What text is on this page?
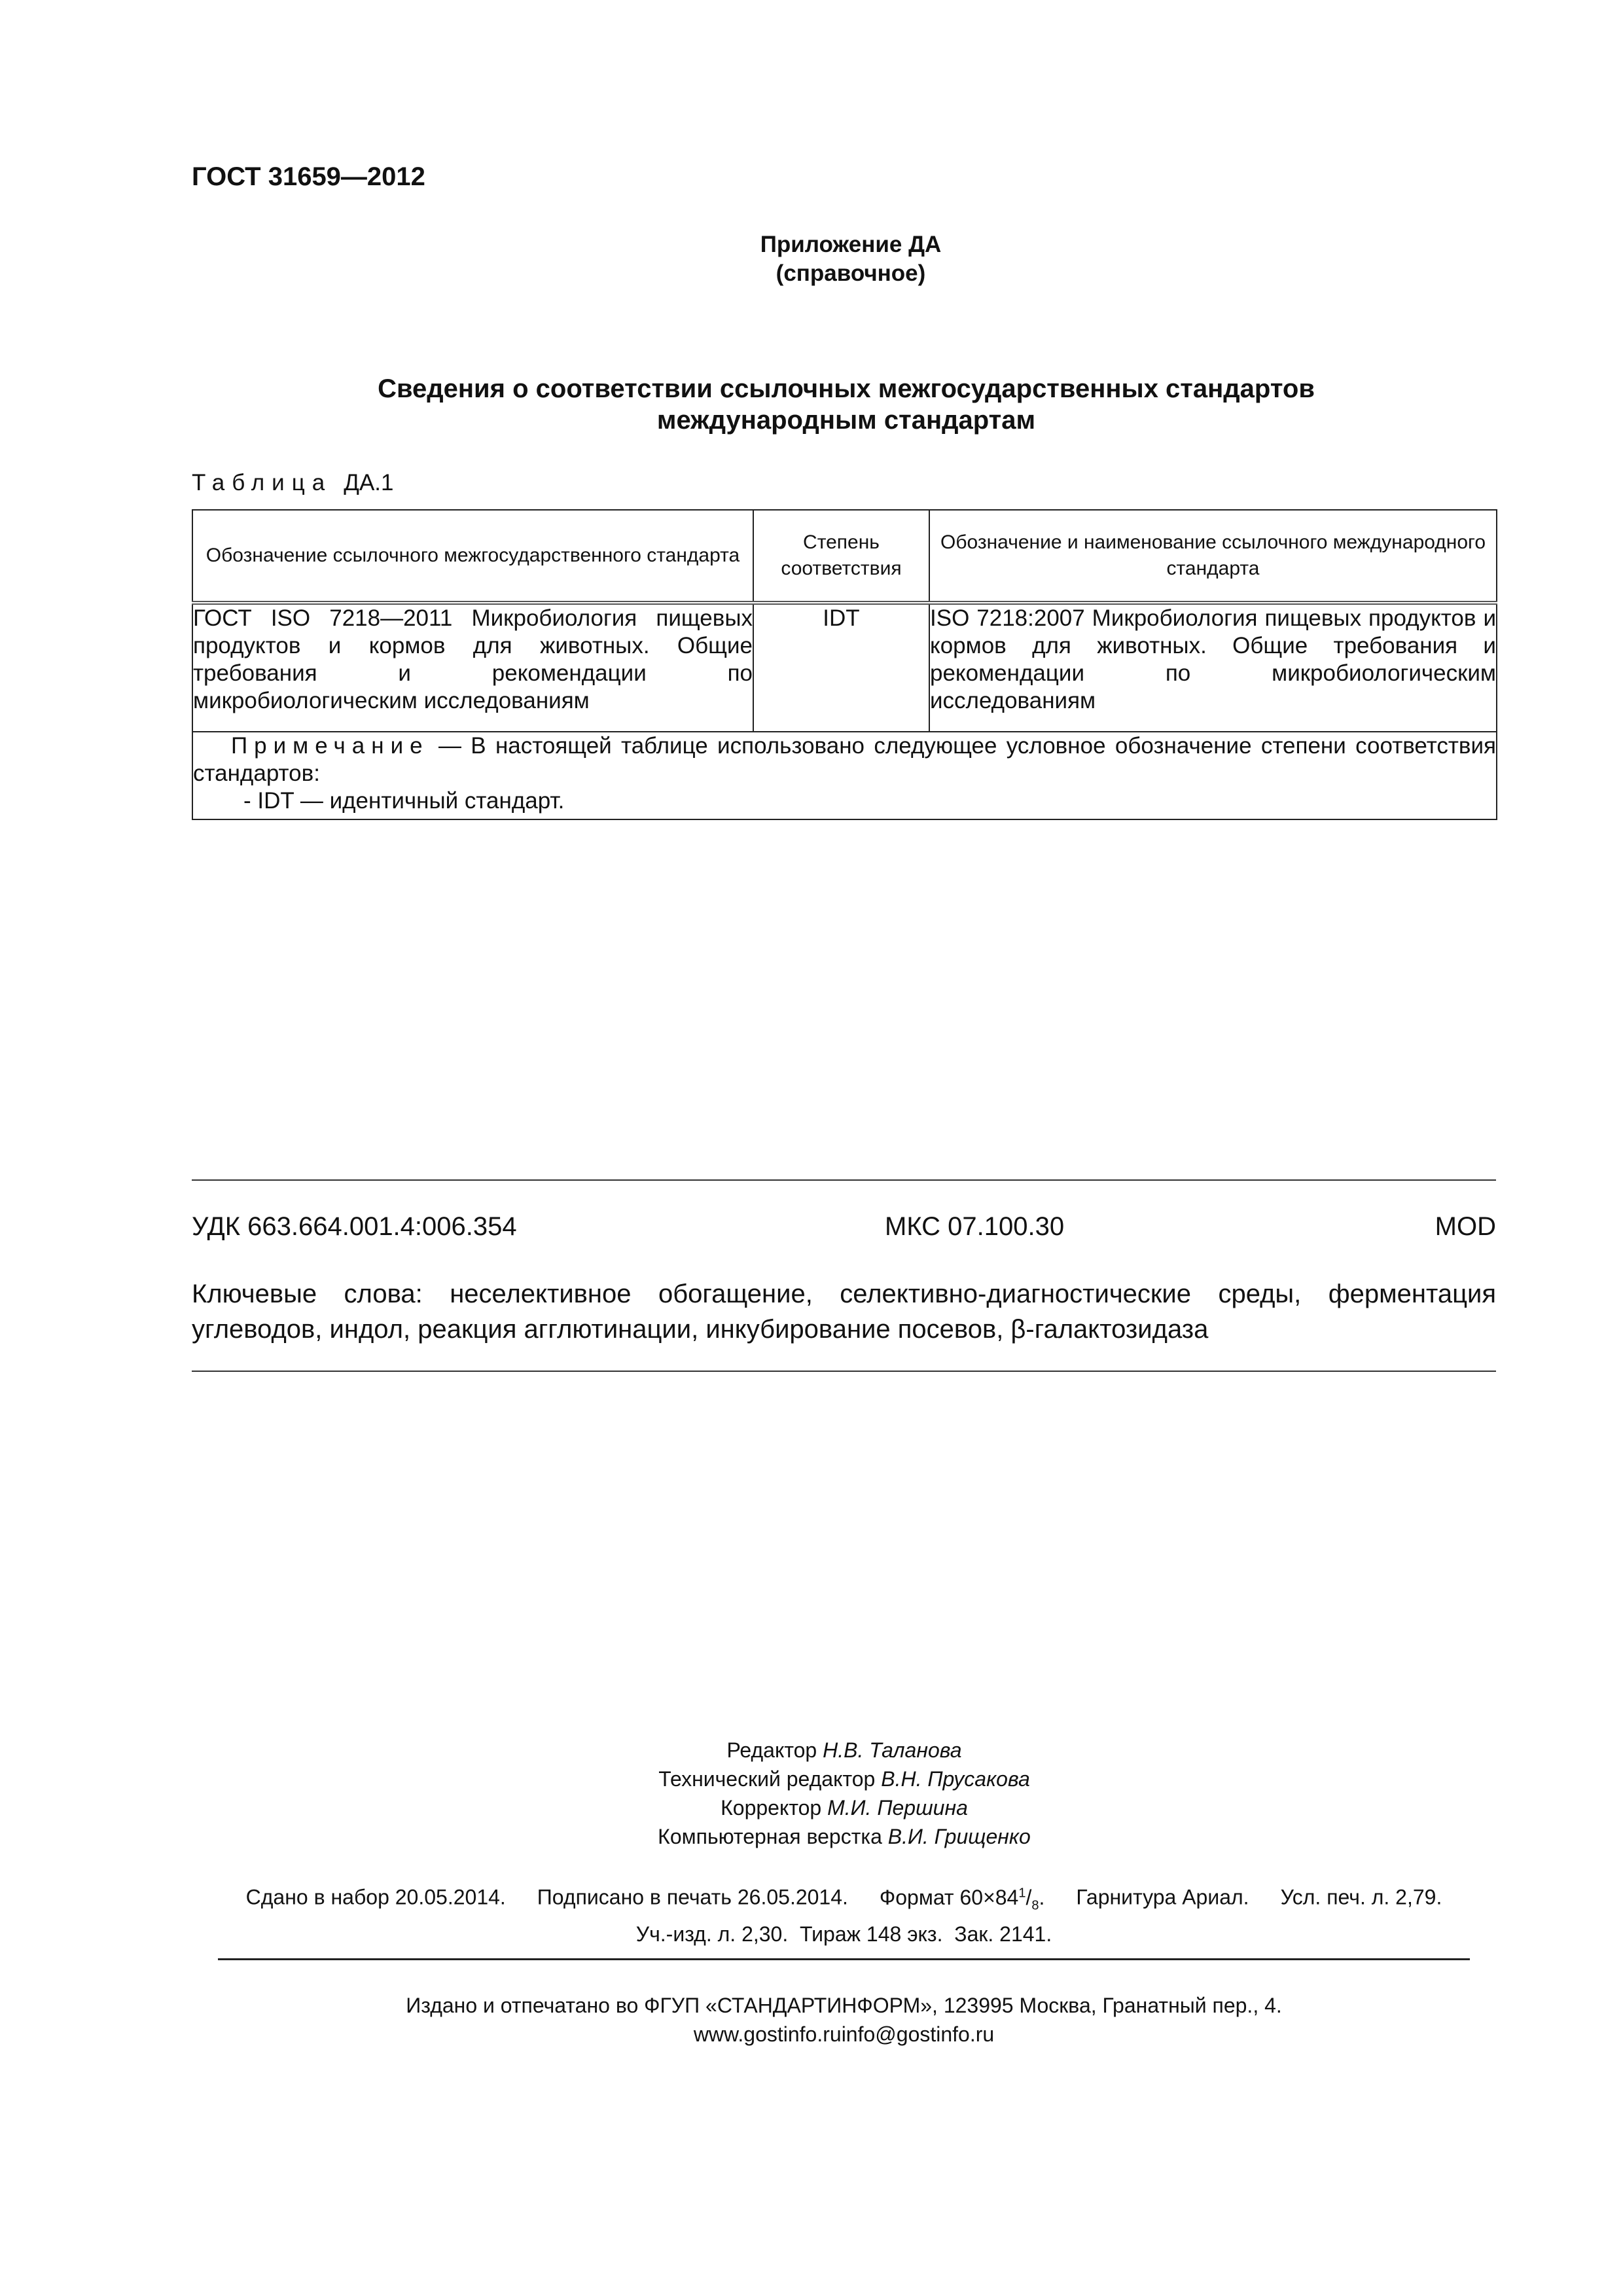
ГОСТ 31659—2012
Приложение ДА
(справочное)
Сведения о соответствии ссылочных межгосударственных стандартов
международным стандартам
Таблица ДА.1
Обозначение ссылочного межгосударственного стандарта	Степень соответствия	Обозначение и наименование ссылочного международного стандарта
ГОСТ ISO 7218—2011 Микробиология пищевых продуктов и кормов для животных. Общие требования и рекомендации по микробиологическим исследованиям	IDT	ISO 7218:2007 Микробиология пищевых продуктов и кормов для животных. Общие требования и рекомендации по микробиологическим исследованиям
Примечание — В настоящей таблице использовано следующее условное обозначение степени соответствия стандартов:
- IDT — идентичный стандарт.		
УДК 663.664.001.4:006.354	МКС 07.100.30	MOD
Ключевые слова: неселективное обогащение, селективно-диагностические среды, ферментация углеводов, индол, реакция агглютинации, инкубирование посевов, β-галактозидаза
Редактор Н.В. Таланова
Технический редактор В.Н. Прусакова
Корректор М.И. Першина
Компьютерная верстка В.И. Грищенко
Сдано в набор 20.05.2014. Подписано в печать 26.05.2014. Формат $60\times 84^1/_8$. Гарнитура Ариал. Усл. печ. л. 2,79.
Уч.-изд. л. 2,30. Тираж 148 экз. Зак. 2141.
Издано и отпечатано во ФГУП «СТАНДАРТИНФОРМ», 123995 Москва, Гранатный пер., 4.
www.gostinfo.ruinfo@gostinfo.ru
